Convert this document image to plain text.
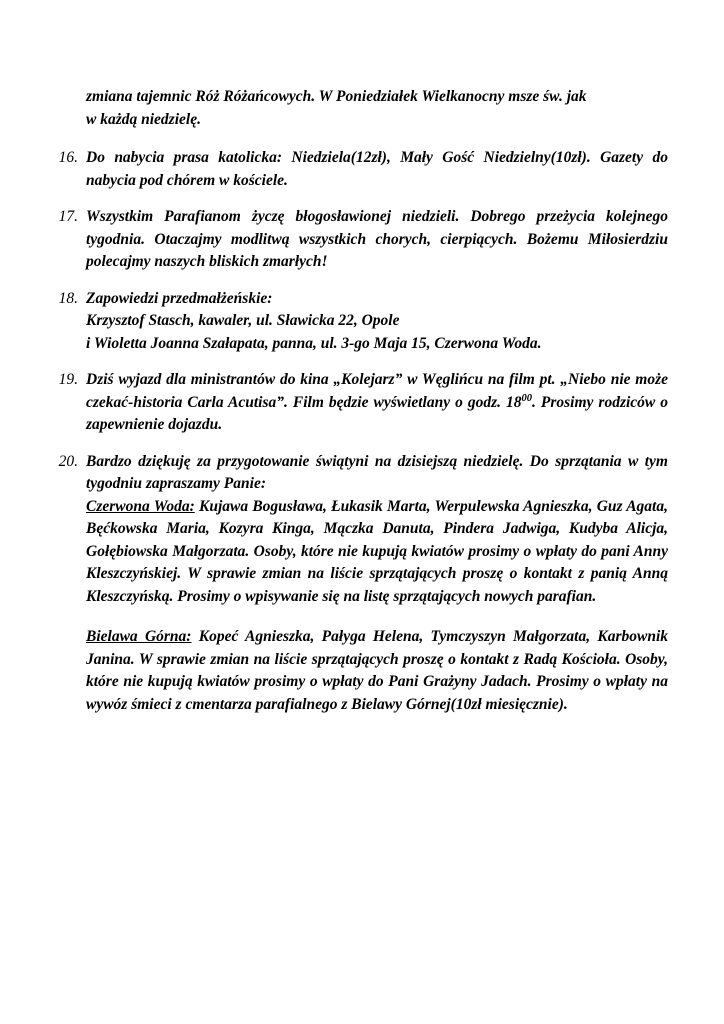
zmiana tajemnic Róż Różańcowych. W Poniedziałek Wielkanocny msze św. jak
w każdą niedzielę.
16. Do nabycia prasa katolicka: Niedziela(12zł), Mały Gość Niedzielny(10zł). Gazety do nabycia pod chórem w kościele.
17. Wszystkim Parafianom życzę błogosławionej niedzieli. Dobrego przeżycia kolejnego tygodnia. Otaczajmy modlitwą wszystkich chorych, cierpiących. Bożemu Miłosierdziu polecajmy naszych bliskich zmarłych!
18. Zapowiedzi przedmałżeńskie:
Krzysztof Stasch, kawaler, ul. Sławicka 22, Opole
i Wioletta Joanna Szałapata, panna, ul. 3-go Maja 15, Czerwona Woda.
19. Dziś wyjazd dla ministrantów do kina „Kolejarz” w Węglińcu na film pt. „Niebo nie może czekać-historia Carla Acutisa”. Film będzie wyświetlany o godz. $18^{00}$. Prosimy rodziców o zapewnienie dojazdu.
20. Bardzo dziękuję za przygotowanie świątyni na dzisiejszą niedzielę. Do sprzątania w tym tygodniu zapraszamy Panie:
Czerwona Woda: Kujawa Bogusława, Łukasik Marta, Werpulewska Agnieszka, Guz Agata, Bęćkowska Maria, Kozyra Kinga, Mączka Danuta, Pindera Jadwiga, Kudyba Alicja, Gołębiowska Małgorzata. Osoby, które nie kupują kwiatów prosimy o wpłaty do pani Anny Kleszczyńskiej. W sprawie zmian na liście sprzątających proszę o kontakt z panią Anną Kleszczyńską. Prosimy o wpisywanie się na listę sprzątających nowych parafian.
Bielawa Górna: Kopeć Agnieszka, Pałyga Helena, Tymczyszyn Małgorzata, Karbownik Janina. W sprawie zmian na liście sprzątających proszę o kontakt z Radą Kościoła. Osoby, które nie kupują kwiatów prosimy o wpłaty do Pani Grażyny Jadach. Prosimy o wpłaty na wywóz śmieci z cmentarza parafialnego z Bielawy Górnej(10zł miesięcznie).
